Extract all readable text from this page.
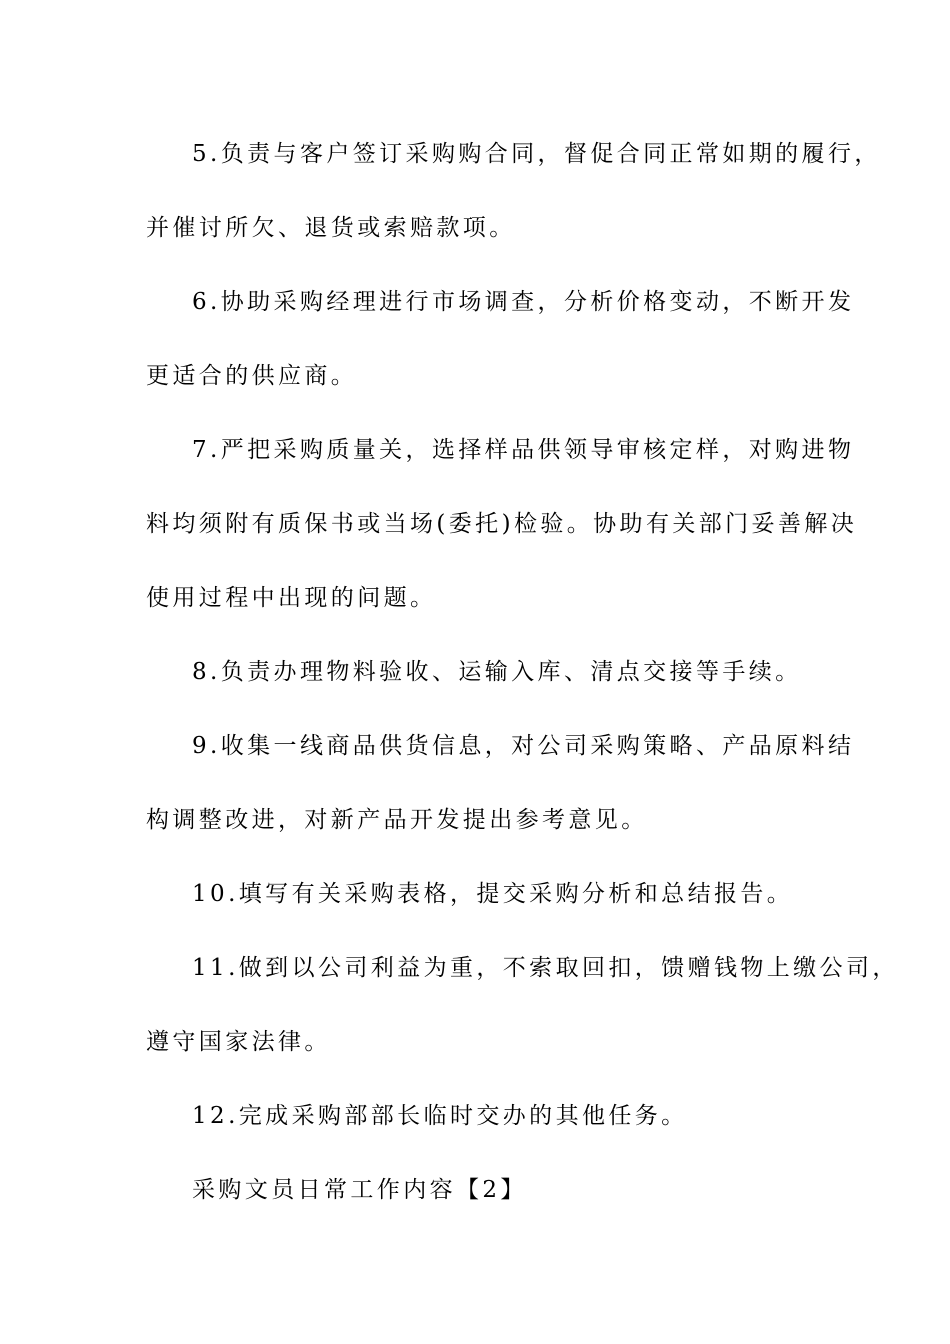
5.负责与客户签订采购购合同，督促合同正常如期的履行，

并催讨所欠、退货或索赔款项。

6.协助采购经理进行市场调查，分析价格变动，不断开发

更适合的供应商。

7.严把采购质量关，选择样品供领导审核定样，对购进物

料均须附有质保书或当场(委托)检验。协助有关部门妥善解决

使用过程中出现的问题。

8.负责办理物料验收、运输入库、清点交接等手续。

9.收集一线商品供货信息，对公司采购策略、产品原料结

构调整改进，对新产品开发提出参考意见。

10.填写有关采购表格，提交采购分析和总结报告。

11.做到以公司利益为重，不索取回扣，馈赠钱物上缴公司，

遵守国家法律。

12.完成采购部部长临时交办的其他任务。

采购文员日常工作内容【2】
